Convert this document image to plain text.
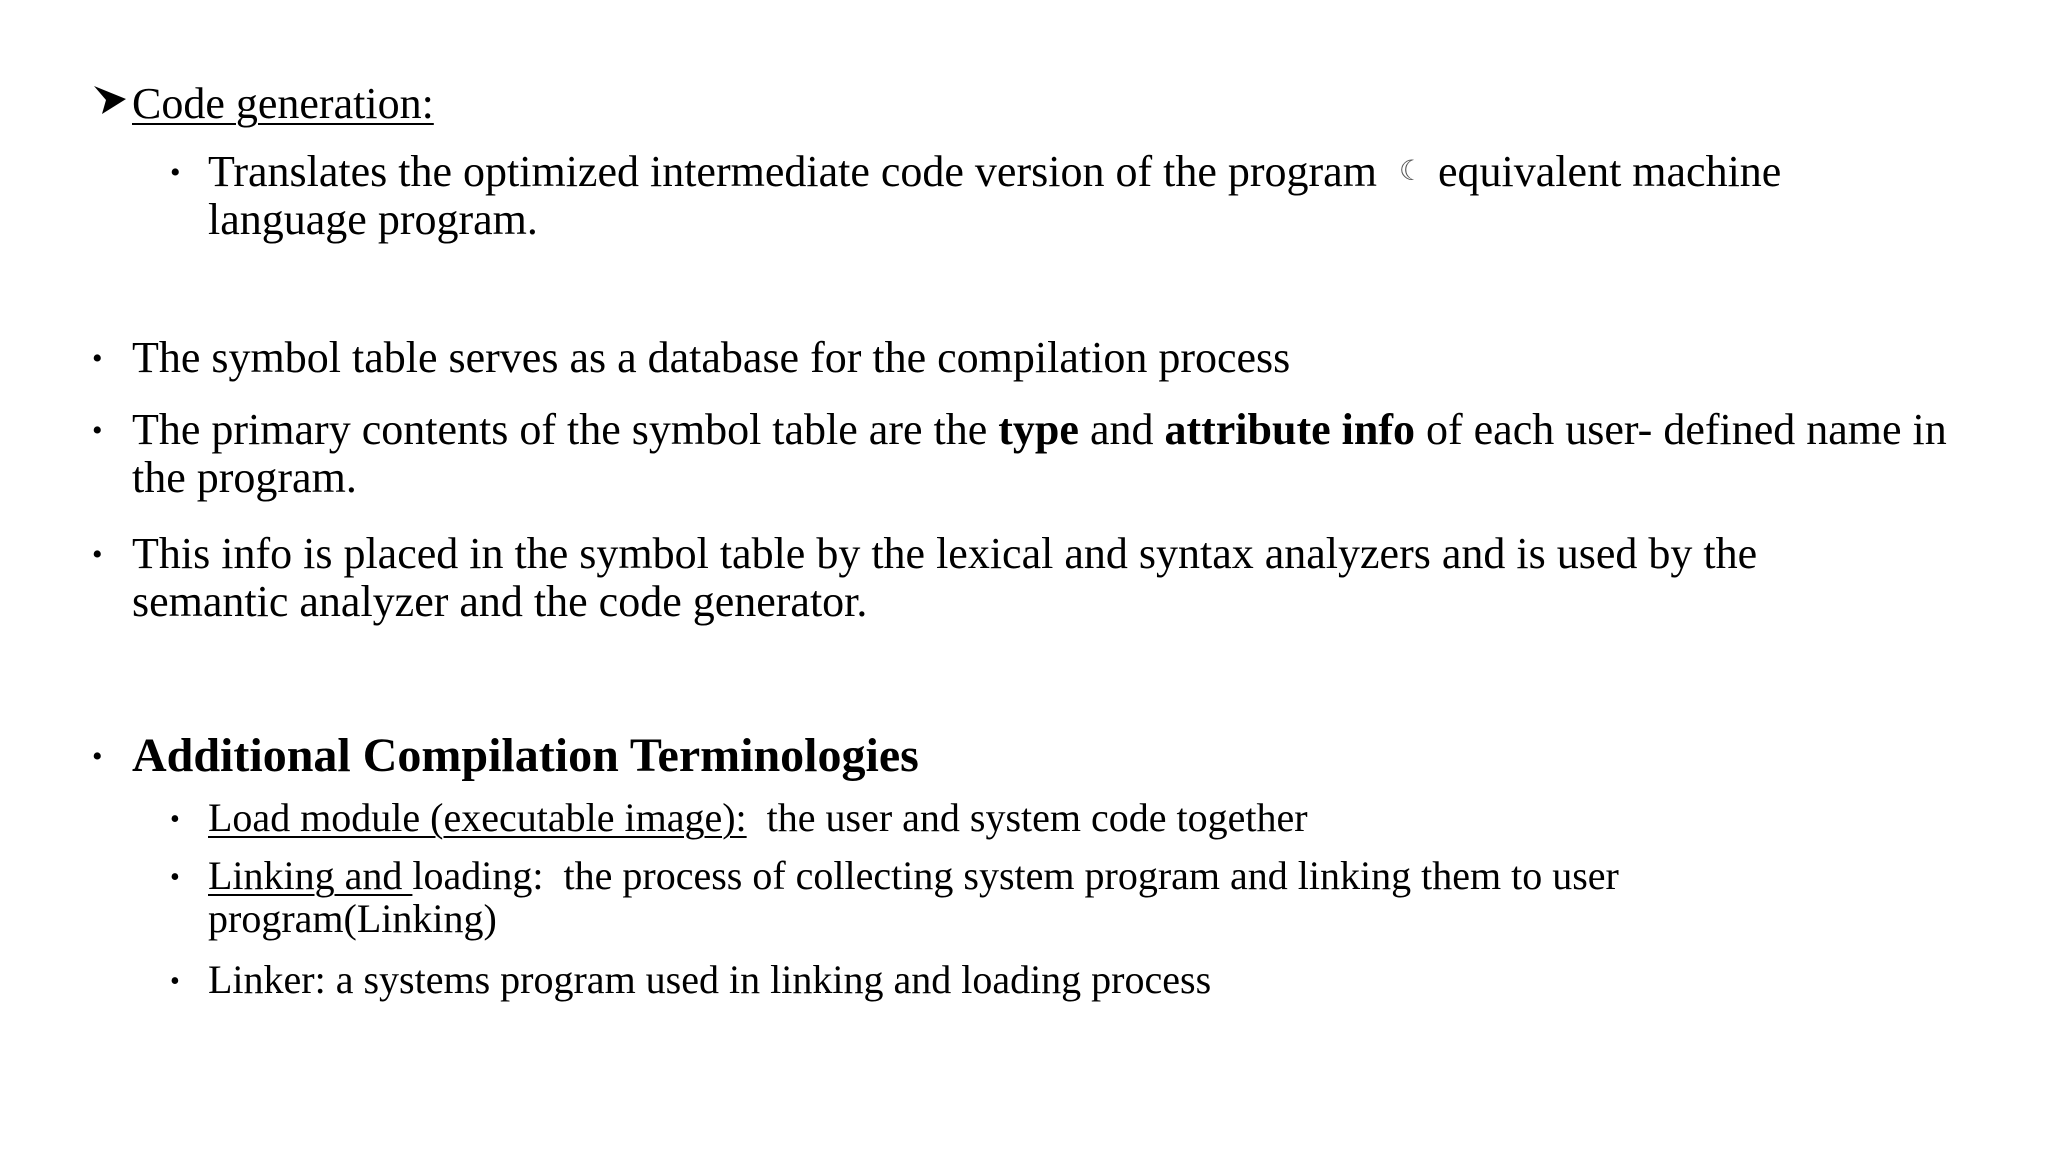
Code generation:
• Translates the optimized intermediate code version of the program ☾ equivalent machine language program.
• The symbol table serves as a database for the compilation process
• The primary contents of the symbol table are the type and attribute info of each user- defined name in the program.
• This info is placed in the symbol table by the lexical and syntax analyzers and is used by the semantic analyzer and the code generator.
• Additional Compilation Terminologies
• Load module (executable image):  the user and system code together
• Linking and loading:  the process of collecting system program and linking them to user program(Linking)
• Linker: a systems program used in linking and loading process
